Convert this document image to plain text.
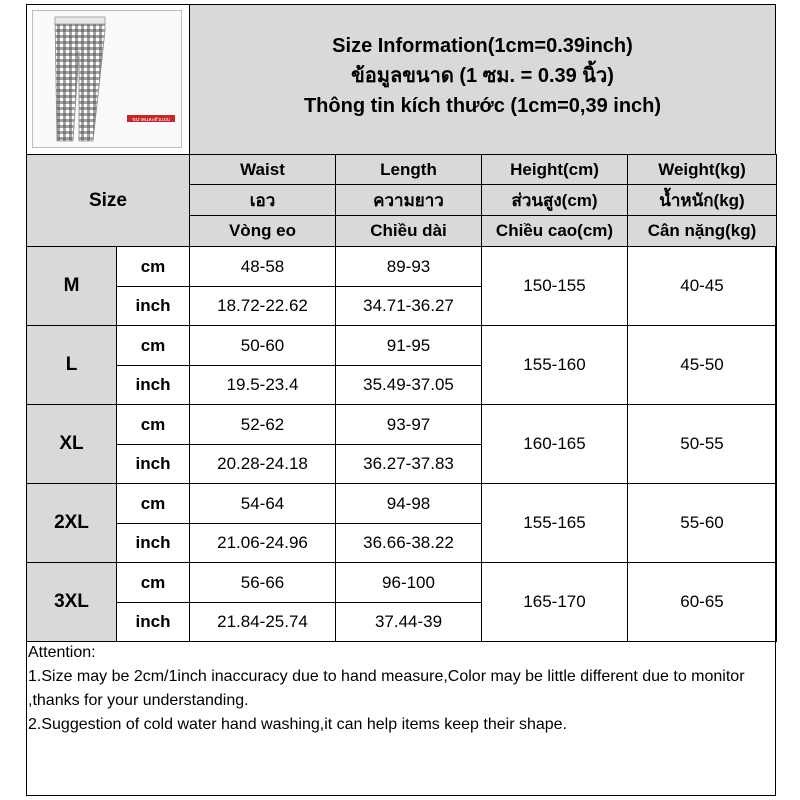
ขนาดและตัวแบบ
Size Information(1cm=0.39inch)
ข้อมูลขนาด (1 ซม. = 0.39 นิ้ว)
Thông tin kích thước (1cm=0,39 inch)
Size		Waist	Length	Height(cm)	Weight(kg)
		เอว	ความยาว	ส่วนสูง(cm)	น้ำหนัก(kg)
		Vòng eo	Chiều dài	Chiều cao(cm)	Cân nặng(kg)
M	cm	48-58	89-93	150-155	40-45
	inch	18.72-22.62	34.71-36.27		
L	cm	50-60	91-95	155-160	45-50
	inch	19.5-23.4	35.49-37.05		
XL	cm	52-62	93-97	160-165	50-55
	inch	20.28-24.18	36.27-37.83		
2XL	cm	54-64	94-98	155-165	55-60
	inch	21.06-24.96	36.66-38.22		
3XL	cm	56-66	96-100	165-170	60-65
	inch	21.84-25.74	37.44-39		
Attention:
1.Size may be 2cm/1inch inaccuracy due to hand measure,Color may be little different due to monitor ,thanks for your understanding.
2.Suggestion of cold water hand washing,it can help items keep their shape.
